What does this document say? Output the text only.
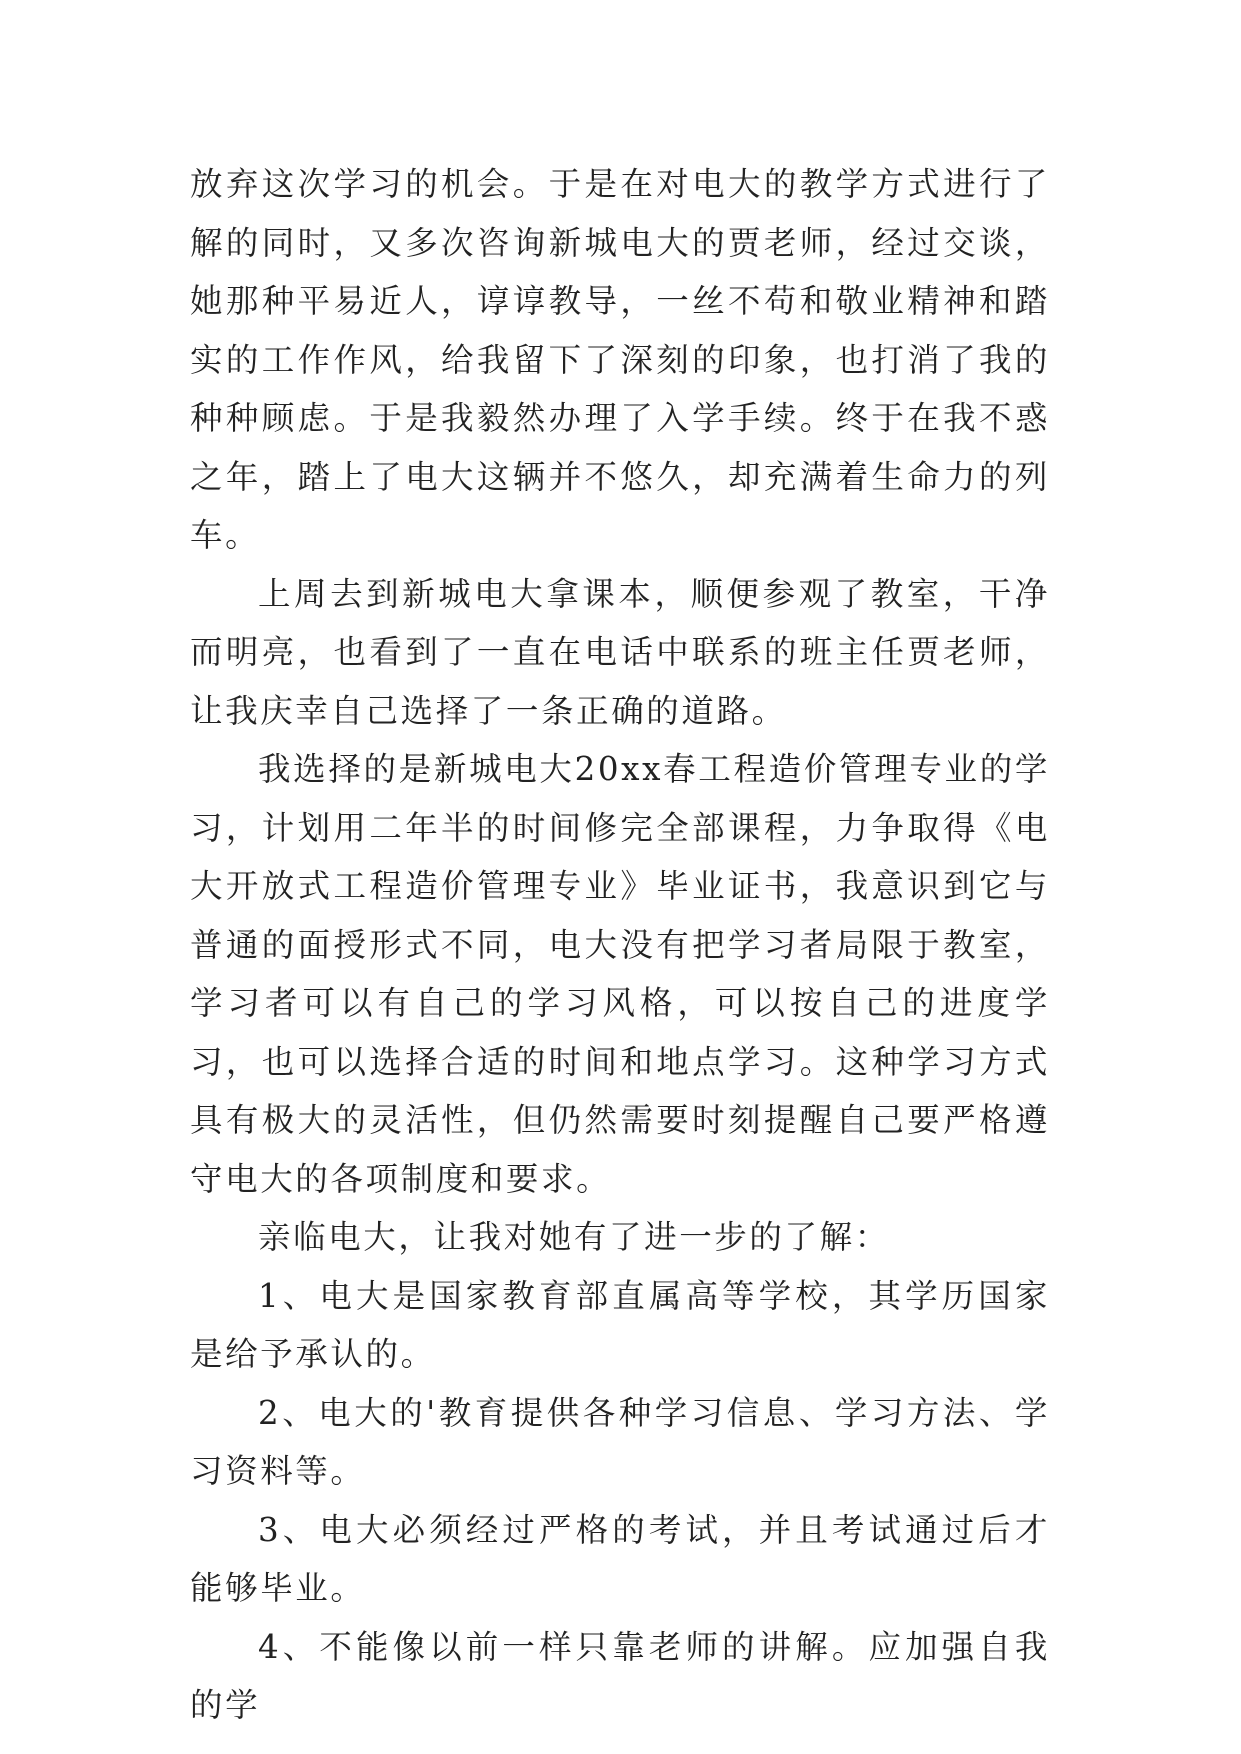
放弃这次学习的机会。于是在对电大的教学方式进行了解的同时，又多次咨询新城电大的贾老师，经过交谈，她那种平易近人，谆谆教导，一丝不苟和敬业精神和踏实的工作作风，给我留下了深刻的印象，也打消了我的种种顾虑。于是我毅然办理了入学手续。终于在我不惑之年，踏上了电大这辆并不悠久，却充满着生命力的列车。

上周去到新城电大拿课本，顺便参观了教室，干净而明亮，也看到了一直在电话中联系的班主任贾老师，让我庆幸自己选择了一条正确的道路。

我选择的是新城电大20xx春工程造价管理专业的学习，计划用二年半的时间修完全部课程，力争取得《电大开放式工程造价管理专业》毕业证书，我意识到它与普通的面授形式不同，电大没有把学习者局限于教室，学习者可以有自己的学习风格，可以按自己的进度学习，也可以选择合适的时间和地点学习。这种学习方式具有极大的灵活性，但仍然需要时刻提醒自己要严格遵守电大的各项制度和要求。

亲临电大，让我对她有了进一步的了解：

1、电大是国家教育部直属高等学校，其学历国家是给予承认的。

2、电大的'教育提供各种学习信息、学习方法、学习资料等。

3、电大必须经过严格的考试，并且考试通过后才能够毕业。

4、不能像以前一样只靠老师的讲解。应加强自我的学
